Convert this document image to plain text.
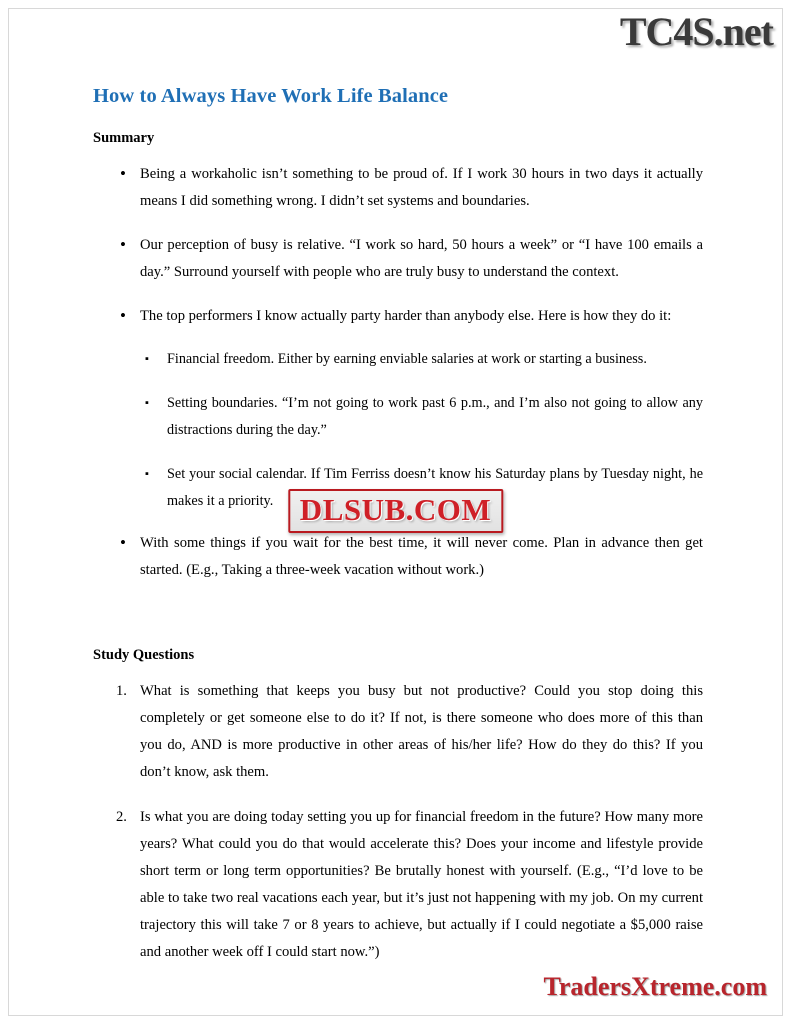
TC4S.net
How to Always Have Work Life Balance
Summary
• Being a workaholic isn’t something to be proud of. If I work 30 hours in two days it actually means I did something wrong. I didn’t set systems and boundaries.
• Our perception of busy is relative. “I work so hard, 50 hours a week” or “I have 100 emails a day.” Surround yourself with people who are truly busy to understand the context.
• The top performers I know actually party harder than anybody else. Here is how they do it:
▪ Financial freedom. Either by earning enviable salaries at work or starting a business.
▪ Setting boundaries. “I’m not going to work past 6 p.m., and I’m also not going to allow any distractions during the day.”
▪ Set your social calendar. If Tim Ferriss doesn’t know his Saturday plans by Tuesday night, he makes it a priority.
• With some things if you wait for the best time, it will never come. Plan in advance then get started. (E.g., Taking a three-week vacation without work.)
Study Questions
What is something that keeps you busy but not productive? Could you stop doing this completely or get someone else to do it? If not, is there someone who does more of this than you do, AND is more productive in other areas of his/her life? How do they do this? If you don’t know, ask them.
Is what you are doing today setting you up for financial freedom in the future? How many more years? What could you do that would accelerate this? Does your income and lifestyle provide short term or long term opportunities? Be brutally honest with yourself. (E.g., “I’d love to be able to take two real vacations each year, but it’s just not happening with my job. On my current trajectory this will take 7 or 8 years to achieve, but actually if I could negotiate a $5,000 raise and another week off I could start now.”)
DLSUB.COM
TradersXtreme.com
